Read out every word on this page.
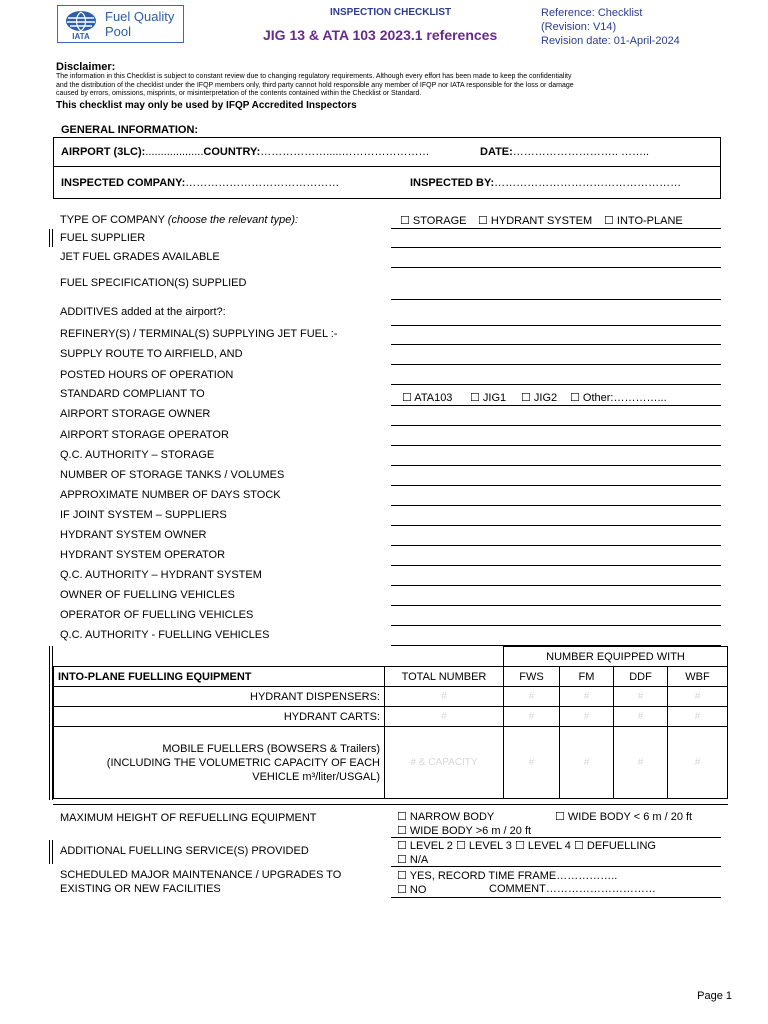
IATA
Fuel Quality
Pool
INSPECTION CHECKLIST
JIG 13 & ATA 103 2023.1 references
Reference: Checklist
(Revision: V14)
Revision date: 01-April-2024
Disclaimer:
The information in this Checklist is subject to constant review due to changing regulatory requirements. Although every effort has been made to keep the confidentiality
and the distribution of the checklist under the IFQP members only, third party cannot hold responsible any member of IFQP nor IATA responsible for the loss or damage
caused by errors, omissions, misprints, or misinterpretation of the contents contained within the Checklist or Standard.
This checklist may only be used by IFQP Accredited Inspectors
GENERAL INFORMATION:
AIRPORT (3LC):...................COUNTRY:……………….....……………………	DATE:……………………….. ……..
INSPECTED COMPANY:……………………………………	INSPECTED BY:……………………………………………
TYPE OF COMPANY (choose the relevant type):	☐ STORAGE ☐ HYDRANT SYSTEM ☐ INTO-PLANE
FUEL SUPPLIER
JET FUEL GRADES AVAILABLE
FUEL SPECIFICATION(S) SUPPLIED
ADDITIVES added at the airport?:
REFINERY(S) / TERMINAL(S) SUPPLYING JET FUEL :-
SUPPLY ROUTE TO AIRFIELD, AND
POSTED HOURS OF OPERATION
STANDARD COMPLIANT TO	☐ ATA103 ☐ JIG1 ☐ JIG2 ☐ Other:…………...
AIRPORT STORAGE OWNER
AIRPORT STORAGE OPERATOR
Q.C. AUTHORITY – STORAGE
NUMBER OF STORAGE TANKS / VOLUMES
APPROXIMATE NUMBER OF DAYS STOCK
IF JOINT SYSTEM – SUPPLIERS
HYDRANT SYSTEM OWNER
HYDRANT SYSTEM OPERATOR
Q.C. AUTHORITY – HYDRANT SYSTEM
OWNER OF FUELLING VEHICLES
OPERATOR OF FUELLING VEHICLES
Q.C. AUTHORITY - FUELLING VEHICLES
		NUMBER EQUIPPED WITH			
INTO-PLANE FUELLING EQUIPMENT	TOTAL NUMBER	FWS	FM	DDF	WBF
HYDRANT DISPENSERS:	#	#	#	#	#
HYDRANT CARTS:	#	#	#	#	#

MOBILE FUELLERS (BOWSERS & Trailers)
(INCLUDING THE VOLUMETRIC CAPACITY OF EACH
VEHICLE m³/liter/USGAL)	# & CAPACITY	#	#	#	#
MAXIMUM HEIGHT OF REFUELLING EQUIPMENT	☐ NARROW BODY	☐ WIDE BODY < 6 m / 20 ft
☐ WIDE BODY >6 m / 20 ft
ADDITIONAL FUELLING SERVICE(S) PROVIDED	☐ LEVEL 2 ☐ LEVEL 3 ☐ LEVEL 4 ☐ DEFUELLING
☐ N/A
SCHEDULED MAJOR MAINTENANCE / UPGRADES TO
EXISTING OR NEW FACILITIES
☐ YES, RECORD TIME FRAME……………..
☐ NO	COMMENT…………………………
Page 1
